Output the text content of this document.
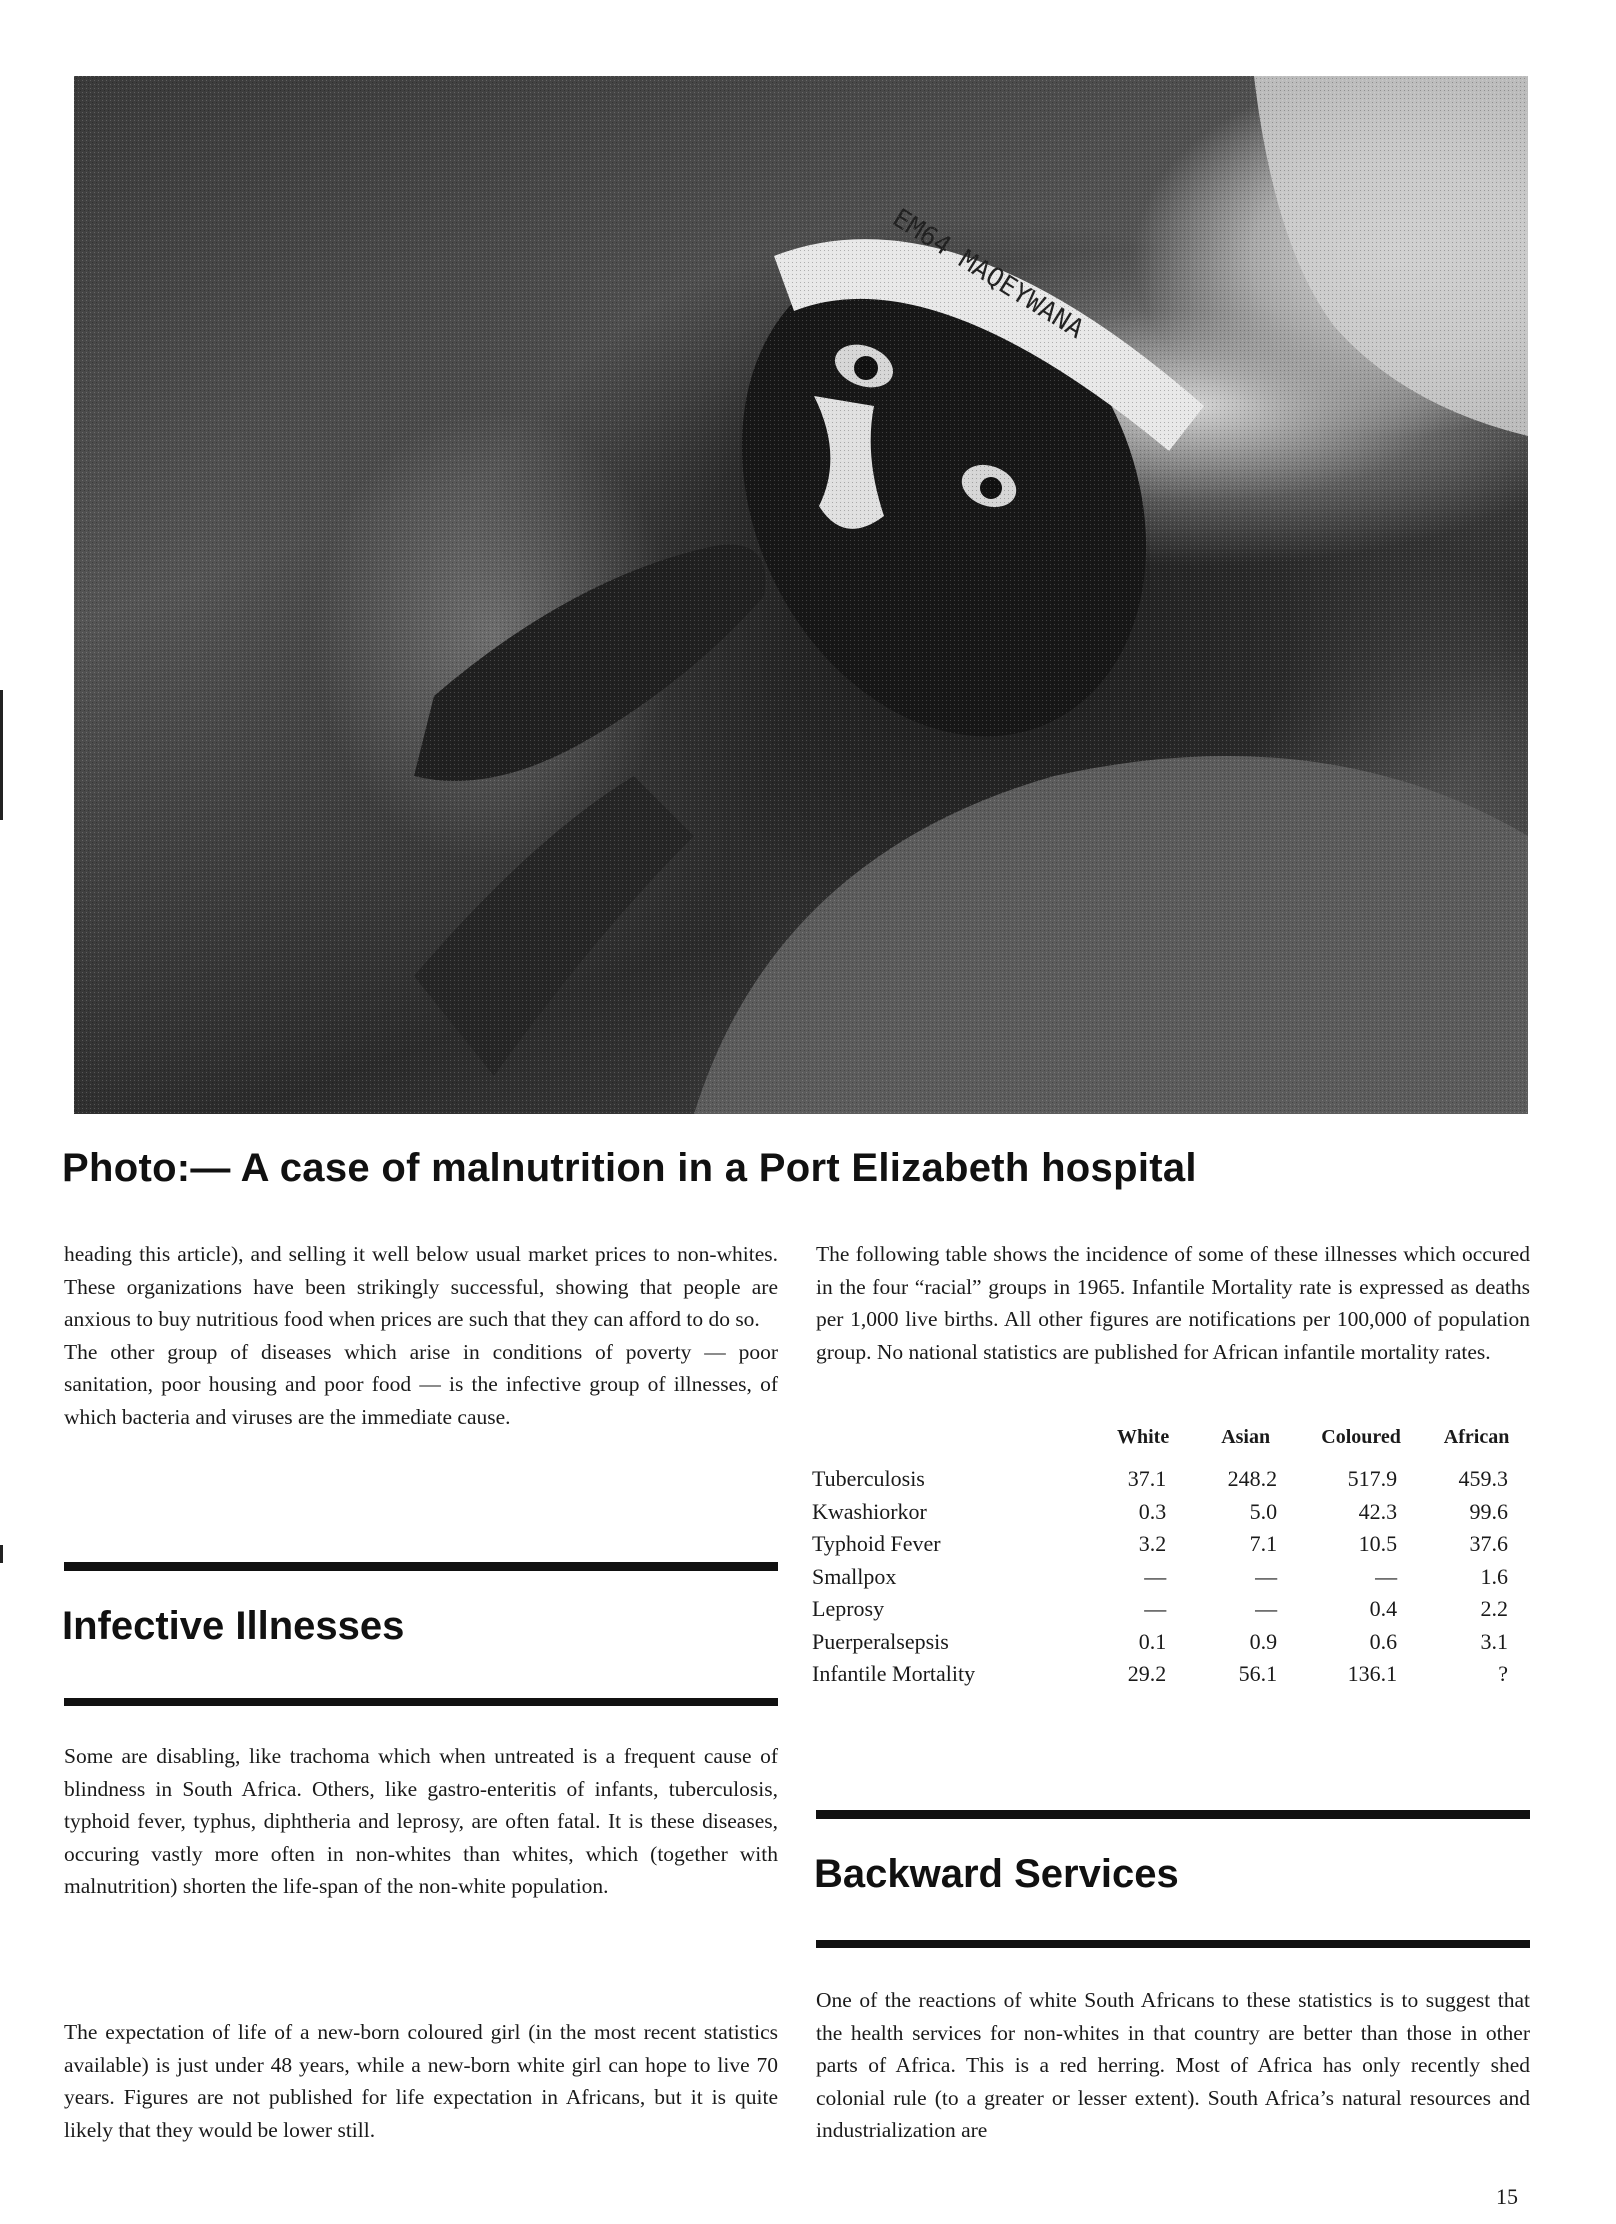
Photo:— A case of malnutrition in a Port Elizabeth hospital

heading this article), and selling it well below usual market prices to non-whites. These organizations have been strikingly successful, showing that people are anxious to buy nutritious food when prices are such that they can afford to do so.

The other group of diseases which arise in conditions of poverty — poor sanitation, poor housing and poor food — is the infective group of illnesses, of which bacteria and viruses are the immediate cause.

Infective Illnesses

Some are disabling, like trachoma which when untreated is a frequent cause of blindness in South Africa. Others, like gastro-enteritis of infants, tuberculosis, typhoid fever, typhus, diphtheria and leprosy, are often fatal. It is these diseases, occuring vastly more often in non-whites than whites, which (together with malnutrition) shorten the life-span of the non-white population.

The expectation of life of a new-born coloured girl (in the most recent statistics available) is just under 48 years, while a new-born white girl can hope to live 70 years. Figures are not published for life expectation in Africans, but it is quite likely that they would be lower still.

The following table shows the incidence of some of these illnesses which occured in the four “racial” groups in 1965. Infantile Mortality rate is expressed as deaths per 1,000 live births. All other figures are notifications per 100,000 of population group. No national statistics are published for African infantile mortality rates.

	White	Asian	Coloured	African
Tuberculosis	37.1	248.2	517.9	459.3
Kwashiorkor	0.3	5.0	42.3	99.6
Typhoid Fever	3.2	7.1	10.5	37.6
Smallpox	—	—	—	1.6
Leprosy	—	—	0.4	2.2
Puerperalsepsis	0.1	0.9	0.6	3.1
Infantile Mortality	29.2	56.1	136.1	?
Backward Services

One of the reactions of white South Africans to these statistics is to suggest that the health services for non-whites in that country are better than those in other parts of Africa. This is a red herring. Most of Africa has only recently shed colonial rule (to a greater or lesser extent). South Africa’s natural resources and industrialization are

15
